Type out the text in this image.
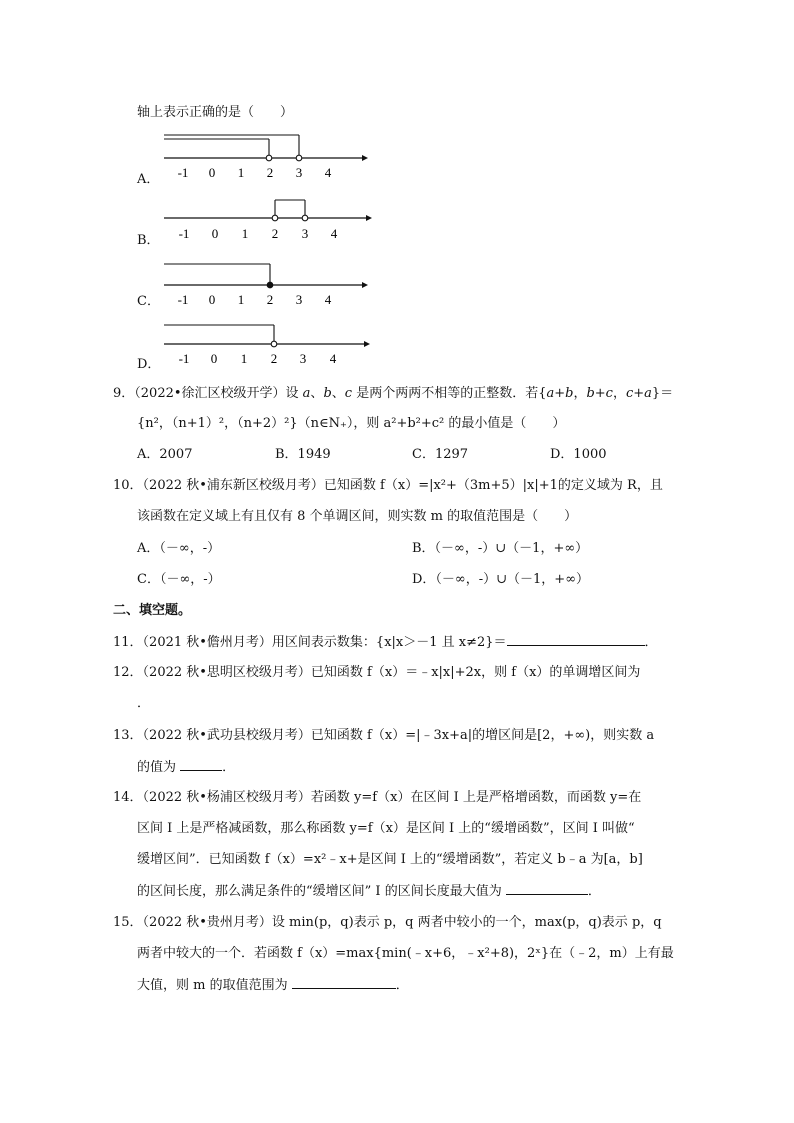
轴上表示正确的是（　　）
A． -1 0 1 2 3 4
B． -1 0 1 2 3 4
C． -1 0 1 2 3 4
D． -1 0 1 2 3 4
9．（2022•徐汇区校级开学）设 a、b、c 是两个两两不相等的正整数．若{a+b，b+c，c+a}＝
{n²，（n+1）²，（n+2）²}（n∈N₊），则 a²+b²+c² 的最小值是（　　）
A．2007	B．1949	C．1297	D．1000
10．（2022 秋•浦东新区校级月考）已知函数 f（x）=|x²+（3m+5）|x|+1的定义域为 R，且
该函数在定义域上有且仅有 8 个单调区间，则实数 m 的取值范围是（　　）
A．（－∞，-）	B．（－∞，-）∪（－1，+∞）
C．（－∞，-）	D．（－∞，-）∪（－1，+∞）
二、填空题。
11．（2021 秋•儋州月考）用区间表示数集：{x|x＞－1 且 x≠2}＝	．
12．（2022 秋•思明区校级月考）已知函数 f（x）＝﹣x|x|+2x，则 f（x）的单调增区间为
．
13．（2022 秋•武功县校级月考）已知函数 f（x）=|﹣3x+a|的增区间是[2，+∞)，则实数 a
的值为	．
14．（2022 秋•杨浦区校级月考）若函数 y=f（x）在区间 I 上是严格增函数，而函数 y=在
区间 I 上是严格减函数，那么称函数 y=f（x）是区间 I 上的“缓增函数”，区间 I 叫做“
缓增区间”．已知函数 f（x）=x²﹣x+是区间 I 上的“缓增函数”，若定义 b﹣a 为[a，b]
的区间长度，那么满足条件的“缓增区间” I 的区间长度最大值为	．
15．（2022 秋•贵州月考）设 min(p，q)表示 p，q 两者中较小的一个，max(p，q)表示 p，q
两者中较大的一个．若函数 f（x）=max{min(﹣x+6，﹣x²+8)，2ˣ}在（﹣2，m）上有最
大值，则 m 的取值范围为	．
